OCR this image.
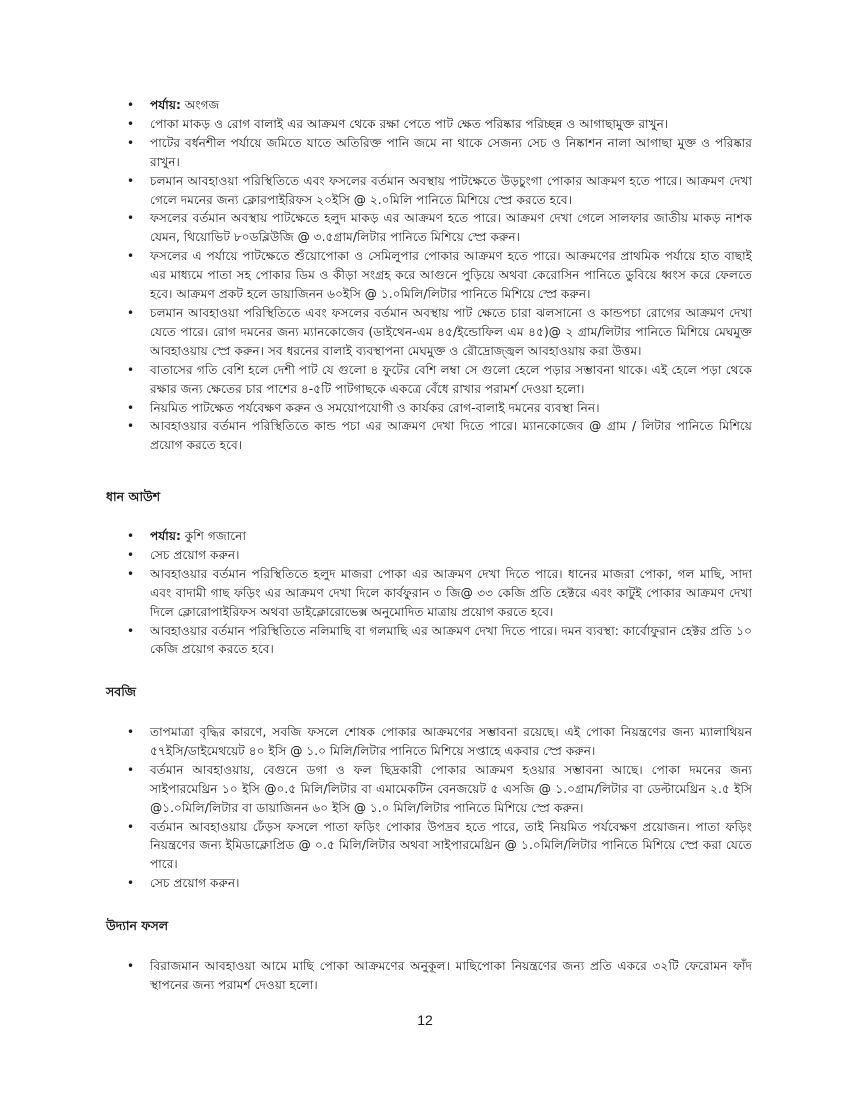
• পর্যায়: অংগজ
• পোকা মাকড় ও রোগ বালাই এর আক্রমণ থেকে রক্ষা পেতে পাট ক্ষেত পরিষ্কার পরিচ্ছন্ন ও আগাছামুক্ত রাখুন।
• পাটের বর্ধনশীল পর্যায়ে জমিতে যাতে অতিরিক্ত পানি জমে না থাকে সেজন্য সেচ ও নিষ্কাশন নালা আগাছা মুক্ত ও পরিষ্কার রাখুন।
• চলমান আবহাওয়া পরিস্থিতিতে এবং ফসলের বর্তমান অবস্থায় পাটক্ষেতে উড়চুংগা পোকার আক্রমণ হতে পারে। আক্রমণ দেখা গেলে দমনের জন্য ক্লোরপাইরিফস ২০ইসি @ ২.০মিলি পানিতে মিশিয়ে স্প্রে করতে হবে।
• ফসলের বর্তমান অবস্থায় পাটক্ষেতে হলুদ মাকড় এর আক্রমণ হতে পারে। আক্রমণ দেখা গেলে সালফার জাতীয় মাকড় নাশক যেমন, থিয়োভিট ৮০ডব্লিউজি @ ৩.৫গ্রাম/লিটার পানিতে মিশিয়ে স্প্রে করুন।
• ফসলের এ পর্যায়ে পাটক্ষেতে শুঁয়োপোকা ও সেমিলুপার পোকার আক্রমণ হতে পারে। আক্রমণের প্রাথমিক পর্যায়ে হাত বাছাই এর মাধ্যমে পাতা সহ পোকার ডিম ও কীড়া সংগ্রহ করে আগুনে পুড়িয়ে অথবা কেরোসিন পানিতে ডুবিয়ে ধ্বংস করে ফেলতে হবে। আক্রমণ প্রকট হলে ডায়াজিনন ৬০ইসি @ ১.০মিলি/লিটার পানিতে মিশিয়ে স্প্রে করুন।
• চলমান আবহাওয়া পরিস্থিতিতে এবং ফসলের বর্তমান অবস্থায় পাট ক্ষেতে চারা ঝলসানো ও কান্ডপচা রোগের আক্রমণ দেখা যেতে পারে। রোগ দমনের জন্য ম্যানকোজেব (ডাইথেন-এম ৪৫/ইন্ডোফিল এম ৪৫)@ ২ গ্রাম/লিটার পানিতে মিশিয়ে মেঘমুক্ত আবহাওয়ায় স্প্রে করুন। সব ধরনের বালাই ব্যবস্থাপনা মেঘমুক্ত ও রৌদ্রোজ্জ্বল আবহাওয়ায় করা উত্তম।
• বাতাসের গতি বেশি হলে দেশী পাট যে গুলো ৪ ফুটের বেশি লম্বা সে গুলো হেলে পড়ার সম্ভাবনা থাকে। এই হেলে পড়া থেকে রক্ষার জন্য ক্ষেতের চার পাশের ৪-৫টি পাটগাছকে একত্রে বেঁধে রাখার পরামর্শ দেওয়া হলো।
• নিয়মিত পাটক্ষেত পর্যবেক্ষণ করুন ও সময়োপযোগী ও কার্যকর রোগ-বালাই দমনের ব্যবস্থা নিন।
• আবহাওয়ার বর্তমান পরিস্থিতিতে কান্ড পচা এর আক্রমণ দেখা দিতে পারে। ম্যানকোজেব @ গ্রাম / লিটার পানিতে মিশিয়ে প্রয়োগ করতে হবে।
ধান আউশ
• পর্যায়: কুশি গজানো
• সেচ প্রয়োগ করুন।
• আবহাওয়ার বর্তমান পরিস্থিতিতে হলুদ মাজরা পোকা এর আক্রমণ দেখা দিতে পারে। ধানের মাজরা পোকা, গল মাছি, সাদা এবং বাদামী গাছ ফড়িং এর আক্রমণ দেখা দিলে কার্বফুরান ৩ জি@ ৩৩ কেজি প্রতি হেক্টরে এবং কাটুই পোকার আক্রমণ দেখা দিলে ক্লোরোপাইরিফস অথবা ডাইক্লোরোভেক্স অনুমোদিত মাত্রায় প্রয়োগ করতে হবে।
• আবহাওয়ার বর্তমান পরিস্থিতিতে নলিমাছি বা গলমাছি এর আক্রমণ দেখা দিতে পারে। দমন ব্যবস্থা: কার্বোফুরান হেক্টর প্রতি ১০ কেজি প্রয়োগ করতে হবে।
সবজি
• তাপমাত্রা বৃদ্ধির কারণে, সবজি ফসলে শোষক পোকার আক্রমণের সম্ভাবনা রয়েছে। এই পোকা নিয়ন্ত্রণের জন্য ম্যালাথিয়ন ৫৭ইসি/ডাইমেথয়েট ৪০ ইসি @ ১.০ মিলি/লিটার পানিতে মিশিয়ে সপ্তাহে একবার স্প্রে করুন।
• বর্তমান আবহাওয়ায়, বেগুনে ডগা ও ফল ছিদ্রকারী পোকার আক্রমণ হওয়ার সম্ভাবনা আছে। পোকা দমনের জন্য সাইপারমেথ্রিন ১০ ইসি @০.৫ মিলি/লিটার বা এমামেকটিন বেনজয়েট ৫ এসজি @ ১.০গ্রাম/লিটার বা ডেল্টামেথ্রিন ২.৫ ইসি @১.০মিলি/লিটার বা ডায়াজিনন ৬০ ইসি @ ১.০ মিলি/লিটার পানিতে মিশিয়ে স্প্রে করুন।
• বর্তমান আবহাওয়ায় ঢেঁড়স ফসলে পাতা ফড়িং পোকার উপদ্রব হতে পারে, তাই নিয়মিত পর্যবেক্ষণ প্রয়োজন। পাতা ফড়িং নিয়ন্ত্রণের জন্য ইমিডাক্লোপ্রিড @ ০.৫ মিলি/লিটার অথবা সাইপারমেথ্রিন @ ১.০মিলি/লিটার পানিতে মিশিয়ে স্প্রে করা যেতে পারে।
• সেচ প্রয়োগ করুন।
উদ্যান ফসল
• বিরাজমান আবহাওয়া আমে মাছি পোকা আক্রমণের অনুকূল। মাছিপোকা নিয়ন্ত্রণের জন্য প্রতি একরে ৩২টি ফেরোমন ফাঁদ স্থাপনের জন্য পরামর্শ দেওয়া হলো।
12
